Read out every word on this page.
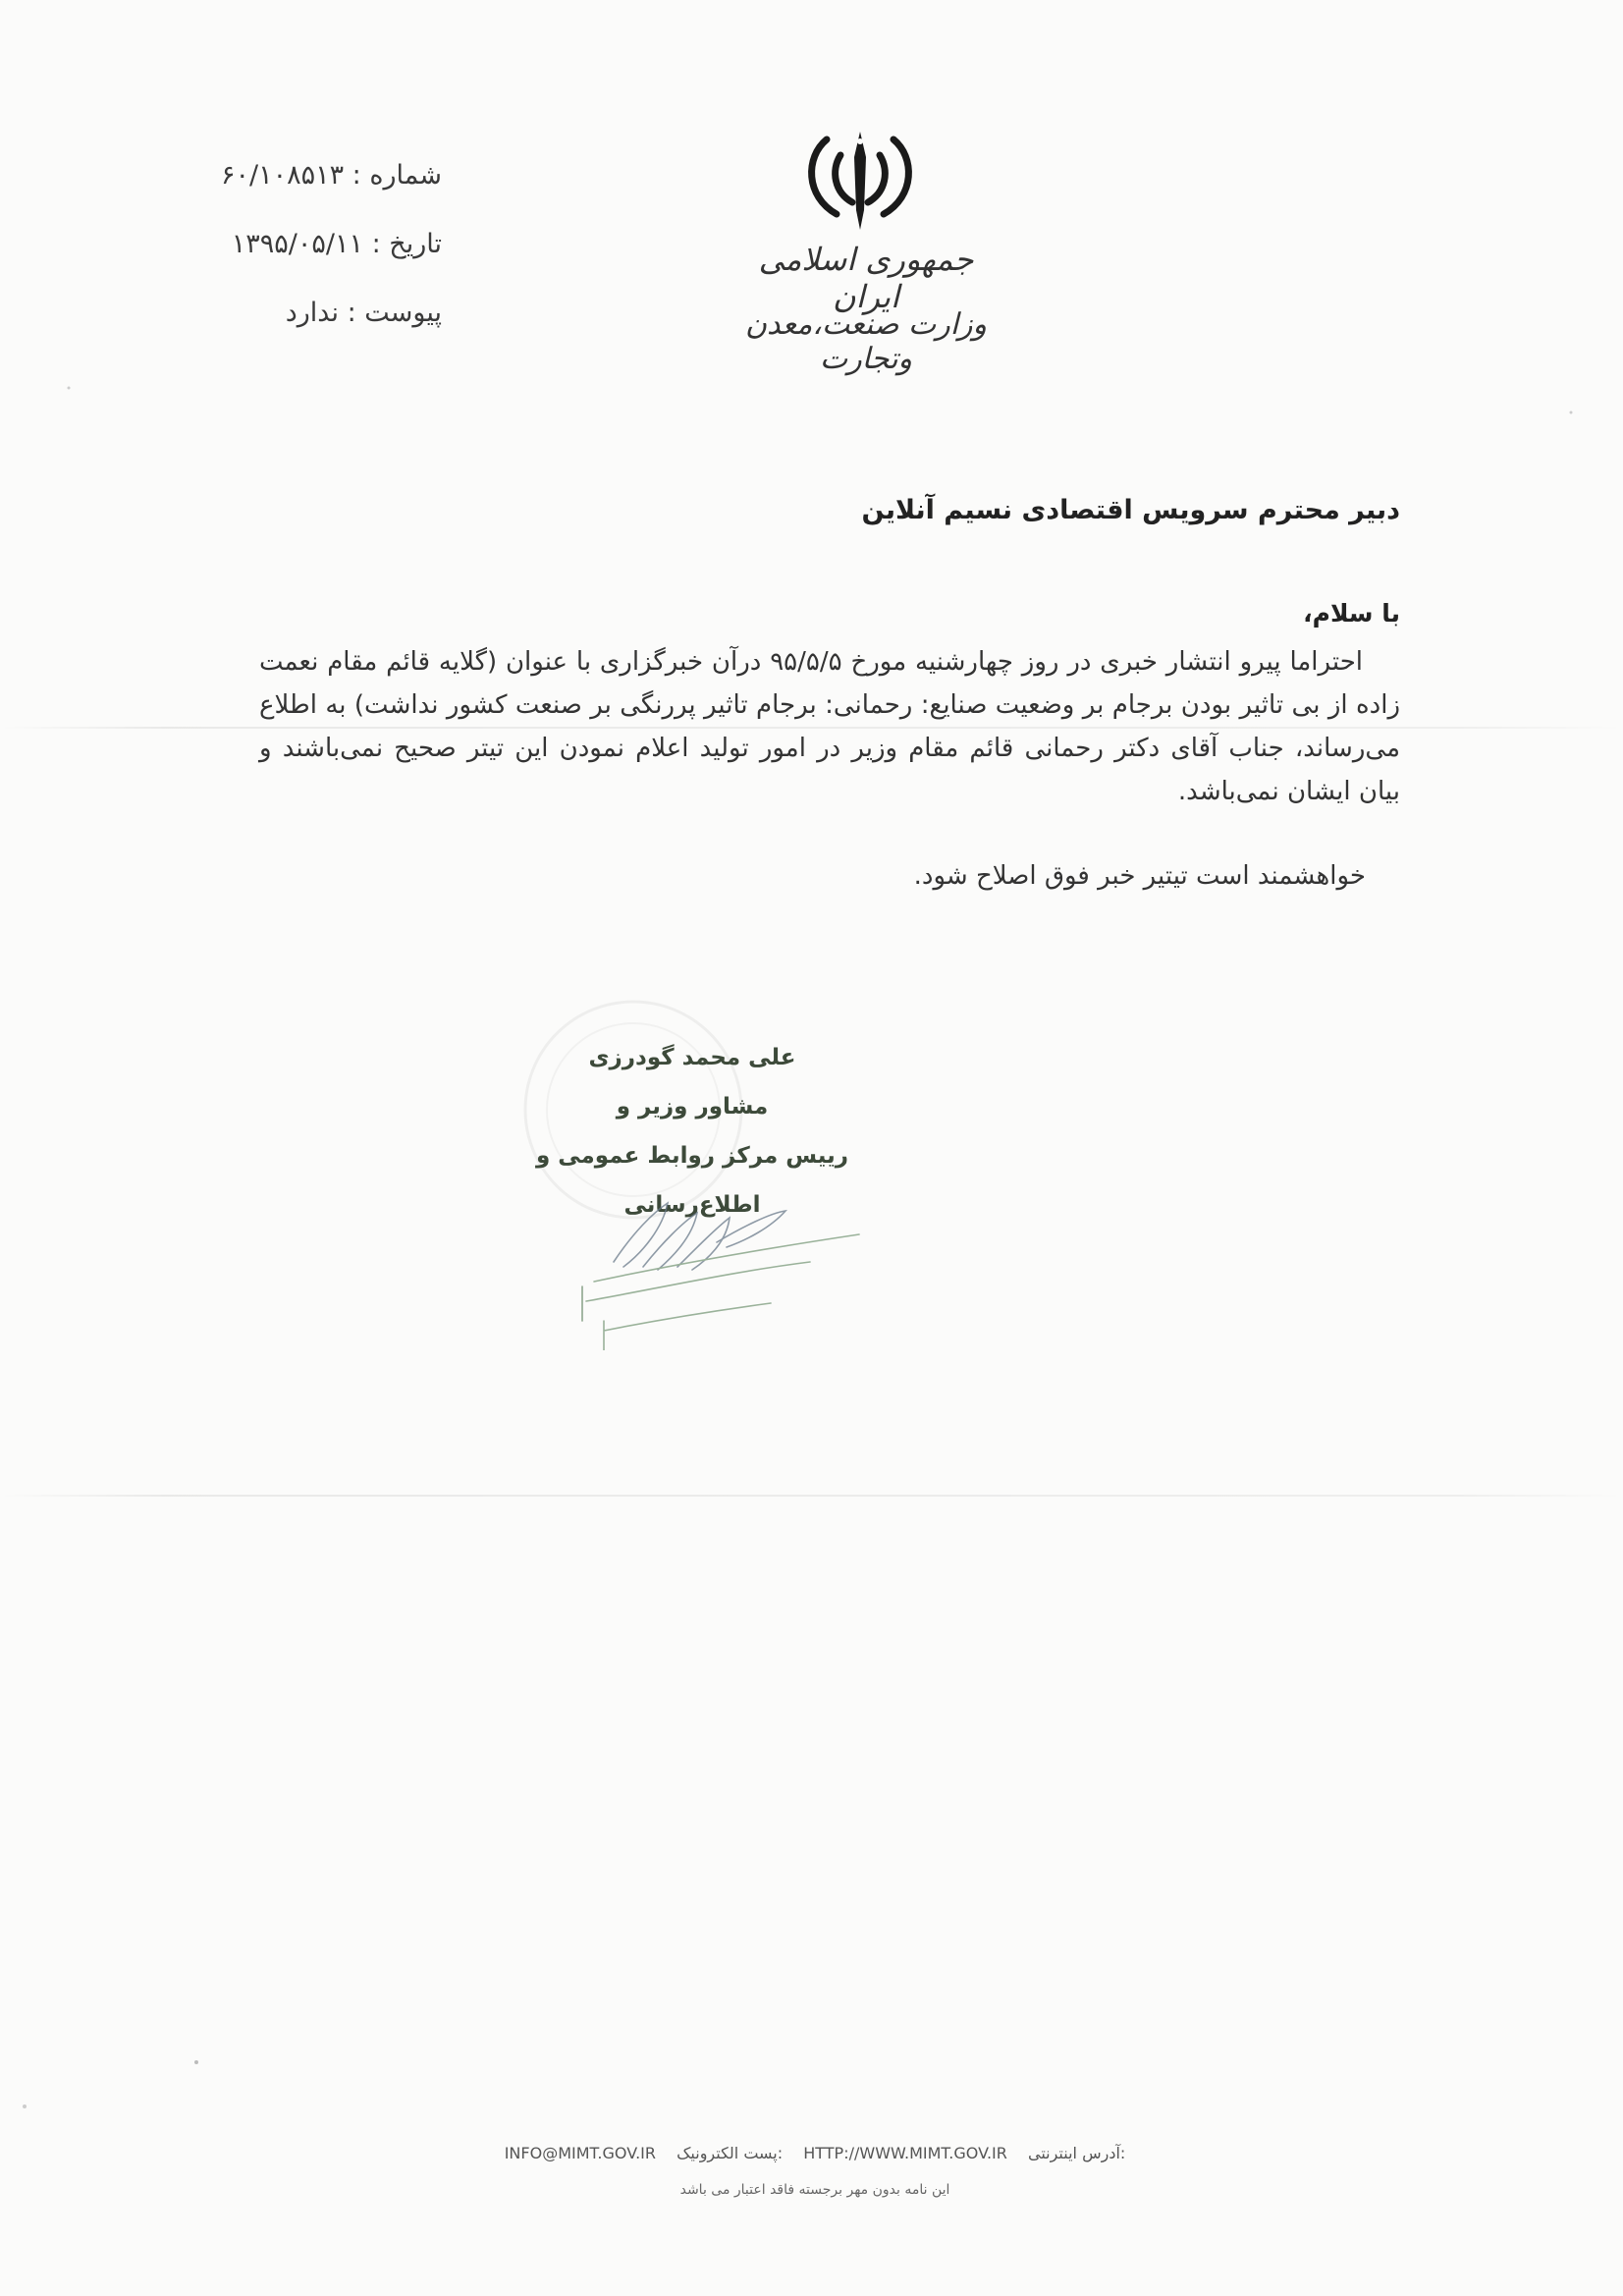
جمهوری اسلامی ایران
وزارت صنعت،معدن وتجارت
شماره : ۶۰/۱۰۸۵۱۳
تاریخ : ۱۳۹۵/۰۵/۱۱
پیوست : ندارد
دبیر محترم سرویس اقتصادی نسیم آنلاین
با سلام،

احتراما پیرو انتشار خبری در روز چهارشنیه مورخ ۹۵/۵/۵ درآن خبرگزاری با عنوان (گلایه قائم مقام نعمت زاده از بی تاثیر بودن برجام بر وضعیت صنایع: رحمانی: برجام تاثیر پررنگی بر صنعت کشور نداشت) به اطلاع می‌رساند، جناب آقای دکتر رحمانی قائم مقام وزیر در امور تولید اعلام نمودن این تیتر صحیح نمی‌باشند و بیان ایشان نمی‌باشد.

خواهشمند است تیتیر خبر فوق اصلاح شود.
علی محمد گودرزی
مشاور وزیر و
رییس مرکز روابط عمومی و اطلاع‌رسانی
INFO@MIMT.GOV.IR پست الکترونیک: HTTP://WWW.MIMT.GOV.IR آدرس اینترنتی:
این نامه بدون مهر برجسته فاقد اعتبار می باشد
